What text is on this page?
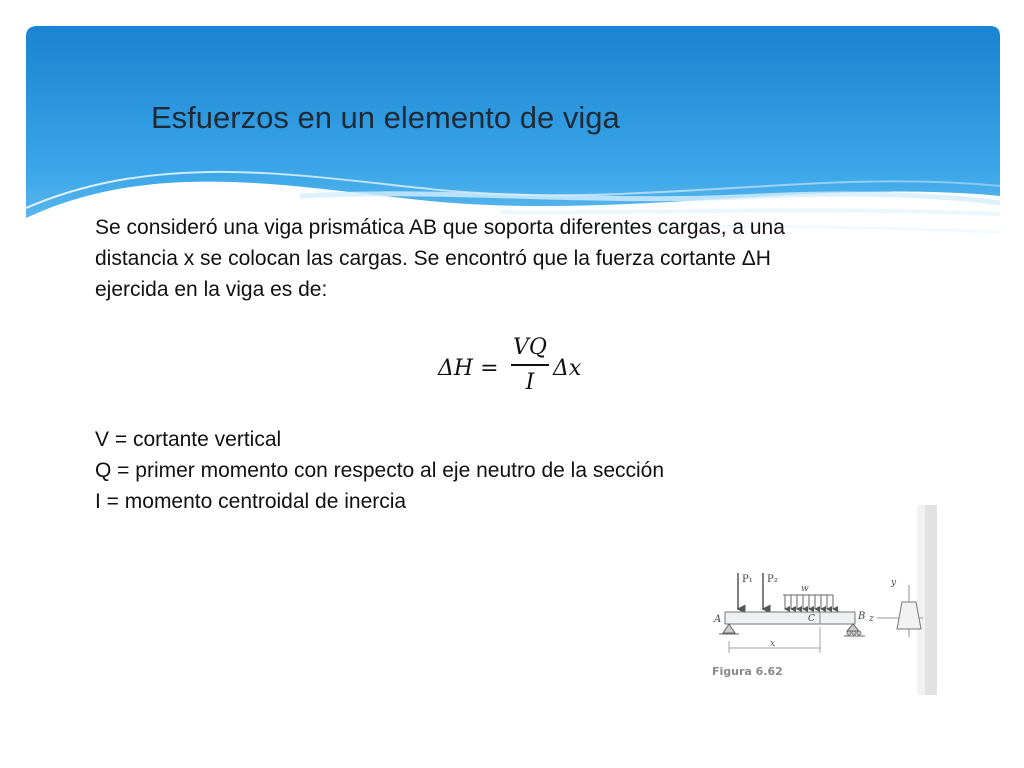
Esfuerzos en un elemento de viga
Se consideró una viga prismática AB que soporta diferentes cargas, a una
distancia x se colocan las cargas. Se encontró que la fuerza cortante ΔH
ejercida en la viga es de:
ΔH =
VQ
I
Δx
V = cortante vertical
Q = primer momento con respecto al eje neutro de la sección
I = momento centroidal de inercia
P₁ P₂
w
A	B
C
x
y
z
Figura 6.62
